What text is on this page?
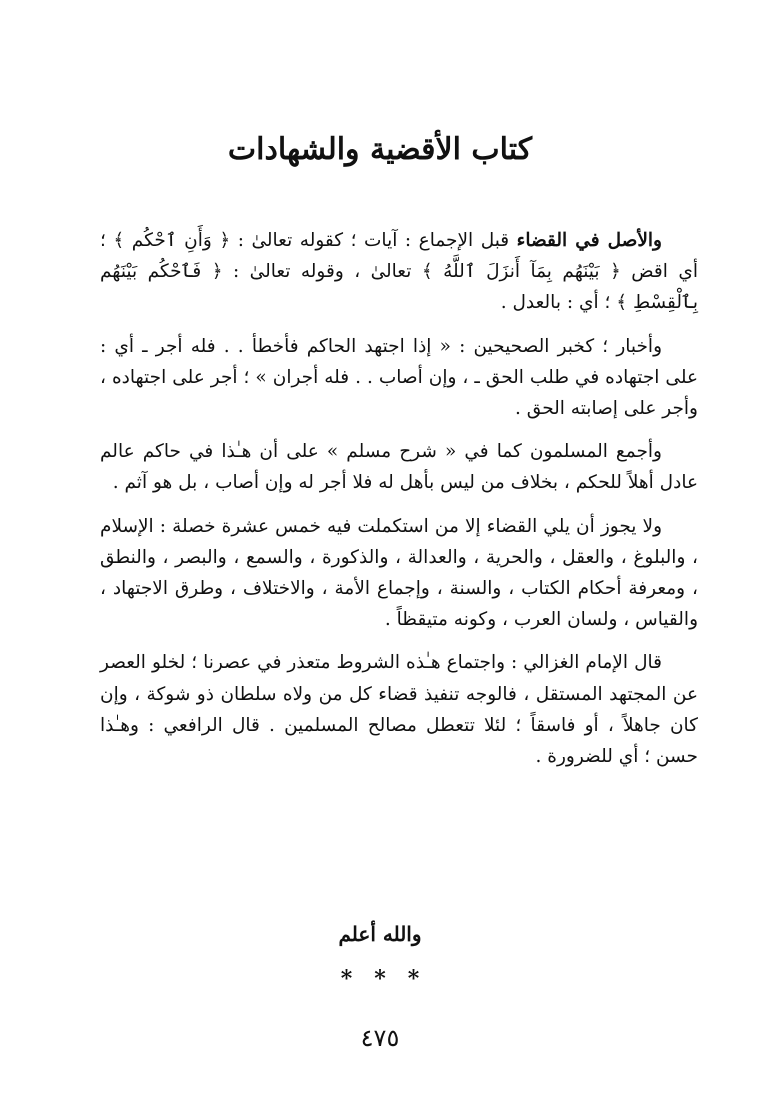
كتاب الأقضية والشهادات

والأصل في القضاء قبل الإجماع : آيات ؛ كقوله تعالىٰ : ﴿ وَأَنِ ٱحْكُم ﴾ ؛ أي اقض ﴿ بَيْنَهُم بِمَآ أَنزَلَ ٱللَّهُ ﴾ تعالىٰ ، وقوله تعالىٰ : ﴿ فَٱحْكُم بَيْنَهُم بِٱلْقِسْطِ ﴾ ؛ أي : بالعدل .

وأخبار ؛ كخبر الصحيحين : « إذا اجتهد الحاكم فأخطأ . . فله أجر ـ أي : على اجتهاده في طلب الحق ـ ، وإن أصاب . . فله أجران » ؛ أجر على اجتهاده ، وأجر على إصابته الحق .

وأجمع المسلمون كما في « شرح مسلم » على أن هـٰذا في حاكم عالم عادل أهلاً للحكم ، بخلاف من ليس بأهل له فلا أجر له وإن أصاب ، بل هو آثم .

ولا يجوز أن يلي القضاء إلا من استكملت فيه خمس عشرة خصلة : الإسلام ، والبلوغ ، والعقل ، والحرية ، والعدالة ، والذكورة ، والسمع ، والبصر ، والنطق ، ومعرفة أحكام الكتاب ، والسنة ، وإجماع الأمة ، والاختلاف ، وطرق الاجتهاد ، والقياس ، ولسان العرب ، وكونه متيقظاً .

قال الإمام الغزالي : واجتماع هـٰذه الشروط متعذر في عصرنا ؛ لخلو العصر عن المجتهد المستقل ، فالوجه تنفيذ قضاء كل من ولاه سلطان ذو شوكة ، وإن كان جاهلاً ، أو فاسقاً ؛ لئلا تتعطل مصالح المسلمين . قال الرافعي : وهـٰذا حسن ؛ أي للضرورة .

والله أعلم
***
٤٧٥
